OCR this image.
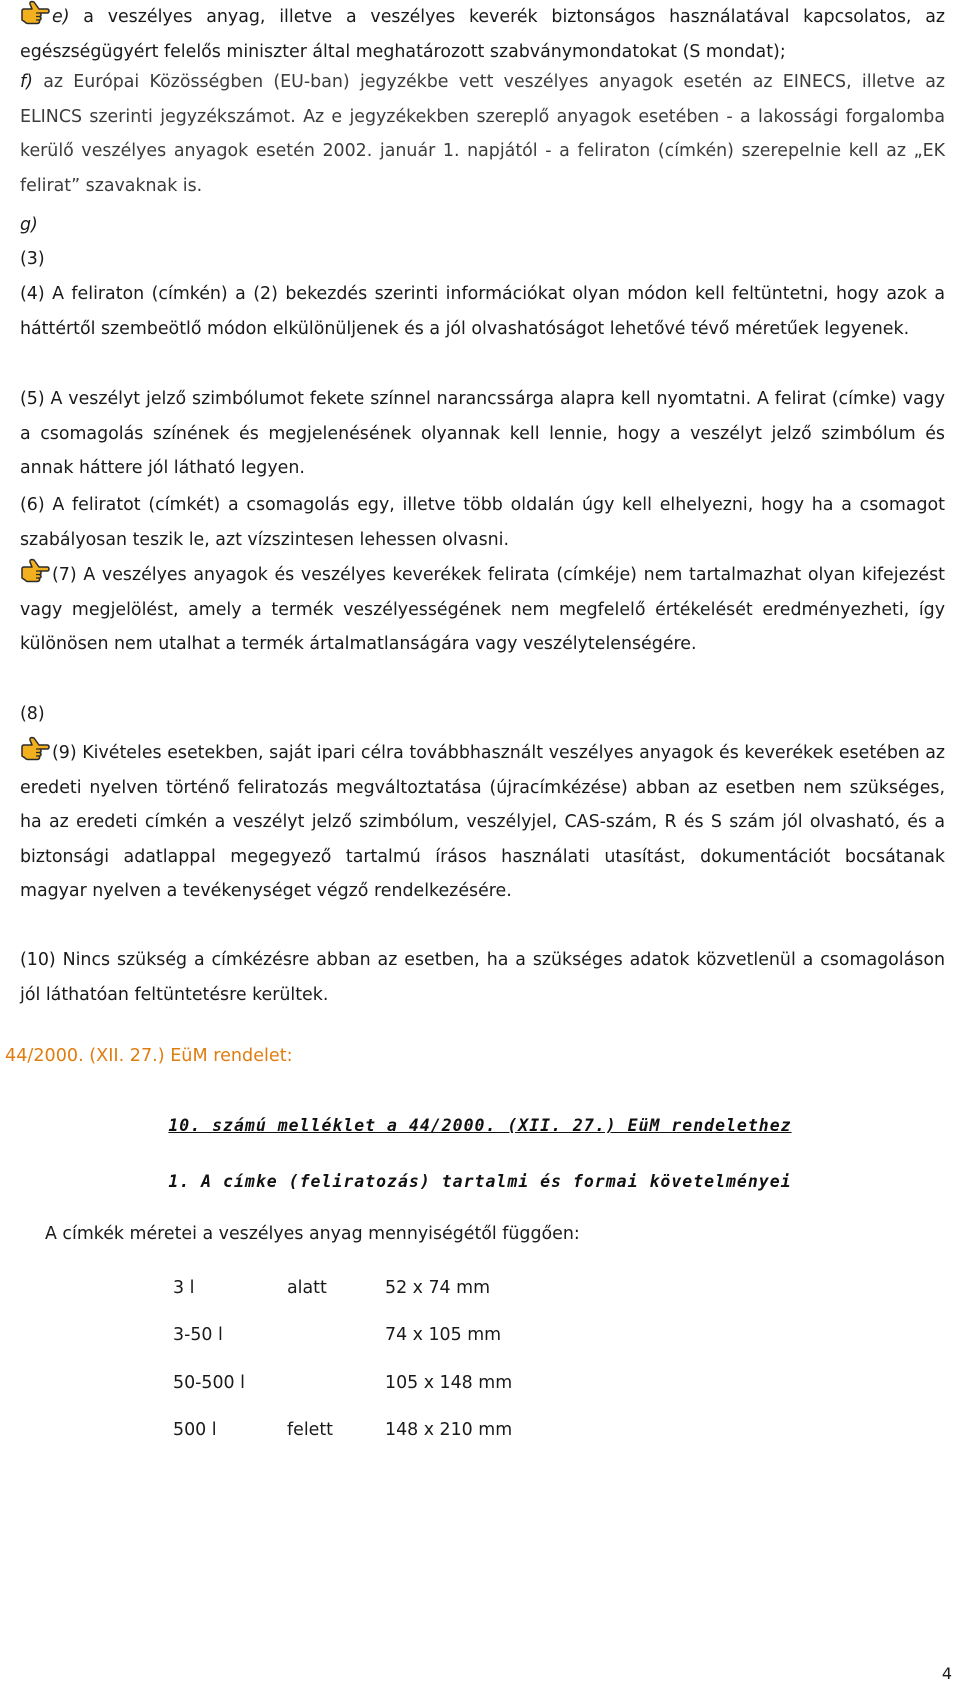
e) a veszélyes anyag, illetve a veszélyes keverék biztonságos használatával kapcsolatos, az egészségügyért felelős miniszter által meghatározott szabványmondatokat (S mondat);

f) az Európai Közösségben (EU-ban) jegyzékbe vett veszélyes anyagok esetén az EINECS, illetve az ELINCS szerinti jegyzékszámot. Az e jegyzékekben szereplő anyagok esetében - a lakossági forgalomba kerülő veszélyes anyagok esetén 2002. január 1. napjától - a feliraton (címkén) szerepelnie kell az „EK felirat” szavaknak is.

g)

(3)

(4) A feliraton (címkén) a (2) bekezdés szerinti információkat olyan módon kell feltüntetni, hogy azok a háttértől szembeötlő módon elkülönüljenek és a jól olvashatóságot lehetővé tévő méretűek legyenek.

(5) A veszélyt jelző szimbólumot fekete színnel narancssárga alapra kell nyomtatni. A felirat (címke) vagy a csomagolás színének és megjelenésének olyannak kell lennie, hogy a veszélyt jelző szimbólum és annak háttere jól látható legyen.

(6) A feliratot (címkét) a csomagolás egy, illetve több oldalán úgy kell elhelyezni, hogy ha a csomagot szabályosan teszik le, azt vízszintesen lehessen olvasni.

(7) A veszélyes anyagok és veszélyes keverékek felirata (címkéje) nem tartalmazhat olyan kifejezést vagy megjelölést, amely a termék veszélyességének nem megfelelő értékelését eredményezheti, így különösen nem utalhat a termék ártalmatlanságára vagy veszélytelenségére.

(8)

(9) Kivételes esetekben, saját ipari célra továbbhasznált veszélyes anyagok és keverékek esetében az eredeti nyelven történő feliratozás megváltoztatása (újracímkézése) abban az esetben nem szükséges, ha az eredeti címkén a veszélyt jelző szimbólum, veszélyjel, CAS-szám, R és S szám jól olvasható, és a biztonsági adatlappal megegyező tartalmú írásos használati utasítást, dokumentációt bocsátanak magyar nyelven a tevékenységet végző rendelkezésére.

(10) Nincs szükség a címkézésre abban az esetben, ha a szükséges adatok közvetlenül a csomagoláson jól láthatóan feltüntetésre kerültek.

44/2000. (XII. 27.) EüM rendelet:

10. számú melléklet a 44/2000. (XII. 27.) EüM rendelethez

1. A címke (feliratozás) tartalmi és formai követelményei

A címkék méretei a veszélyes anyag mennyiségétől függően:

3 l	alatt	52 x 74 mm
3-50 l		74 x 105 mm
50-500 l		105 x 148 mm
500 l	felett	148 x 210 mm

4
